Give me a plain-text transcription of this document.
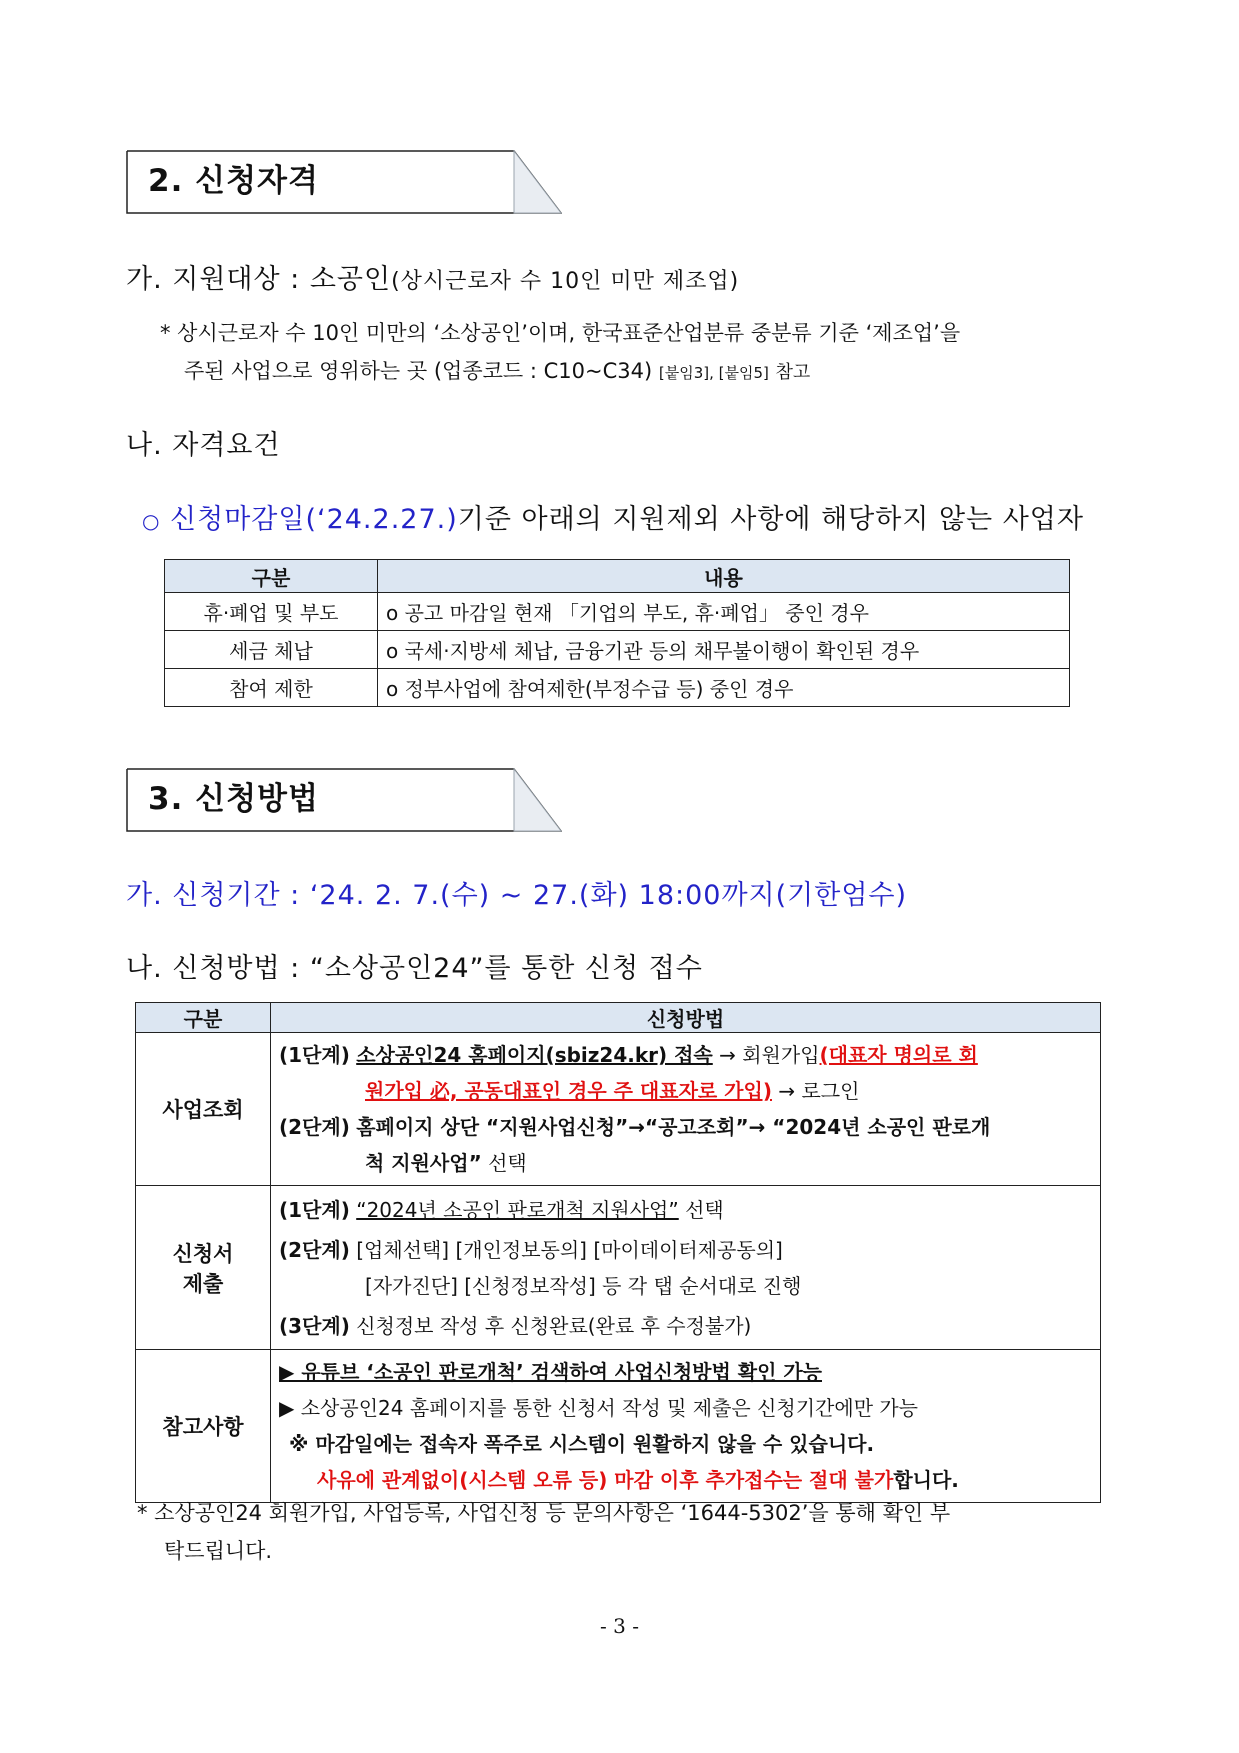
2. 신청자격
가. 지원대상 : 소공인(상시근로자 수 10인 미만 제조업)
* 상시근로자 수 10인 미만의 ‘소상공인’이며, 한국표준산업분류 중분류 기준 ‘제조업’을
주된 사업으로 영위하는 곳 (업종코드 : C10~C34) [붙임3], [붙임5] 참고
나. 자격요건
○ 신청마감일(‘24.2.27.)기준 아래의 지원제외 사항에 해당하지 않는 사업자
구분	내용
휴·폐업 및 부도	o 공고 마감일 현재 「기업의 부도, 휴·폐업」 중인 경우
세금 체납	o 국세·지방세 체납, 금융기관 등의 채무불이행이 확인된 경우
참여 제한	o 정부사업에 참여제한(부정수급 등) 중인 경우
3. 신청방법
가. 신청기간 : ‘24. 2. 7.(수) ~ 27.(화) 18:00까지(기한엄수)
나. 신청방법 : “소상공인24”를 통한 신청 접수
구분	신청방법
사업조회	(1단계) 소상공인24 홈페이지(sbiz24.kr) 접속 → 회원가입(대표자 명의로 회
원가입 必, 공동대표인 경우 주 대표자로 가입) → 로그인
(2단계) 홈페이지 상단 “지원사업신청”→“공고조회”→ “2024년 소공인 판로개
척 지원사업” 선택

신청서
제출	(1단계) “2024년 소공인 판로개척 지원사업” 선택
(2단계) [업체선택] [개인정보동의] [마이데이터제공동의]
[자가진단] [신청정보작성] 등 각 탭 순서대로 진행
(3단계) 신청정보 작성 후 신청완료(완료 후 수정불가)

참고사항	▶ 유튜브 ‘소공인 판로개척’ 검색하여 사업신청방법 확인 가능
▶ 소상공인24 홈페이지를 통한 신청서 작성 및 제출은 신청기간에만 가능
※ 마감일에는 접속자 폭주로 시스템이 원활하지 않을 수 있습니다.
사유에 관계없이(시스템 오류 등) 마감 이후 추가접수는 절대 불가합니다.
* 소상공인24 회원가입, 사업등록, 사업신청 등 문의사항은 ‘1644-5302’을 통해 확인 부
탁드립니다.
- 3 -
